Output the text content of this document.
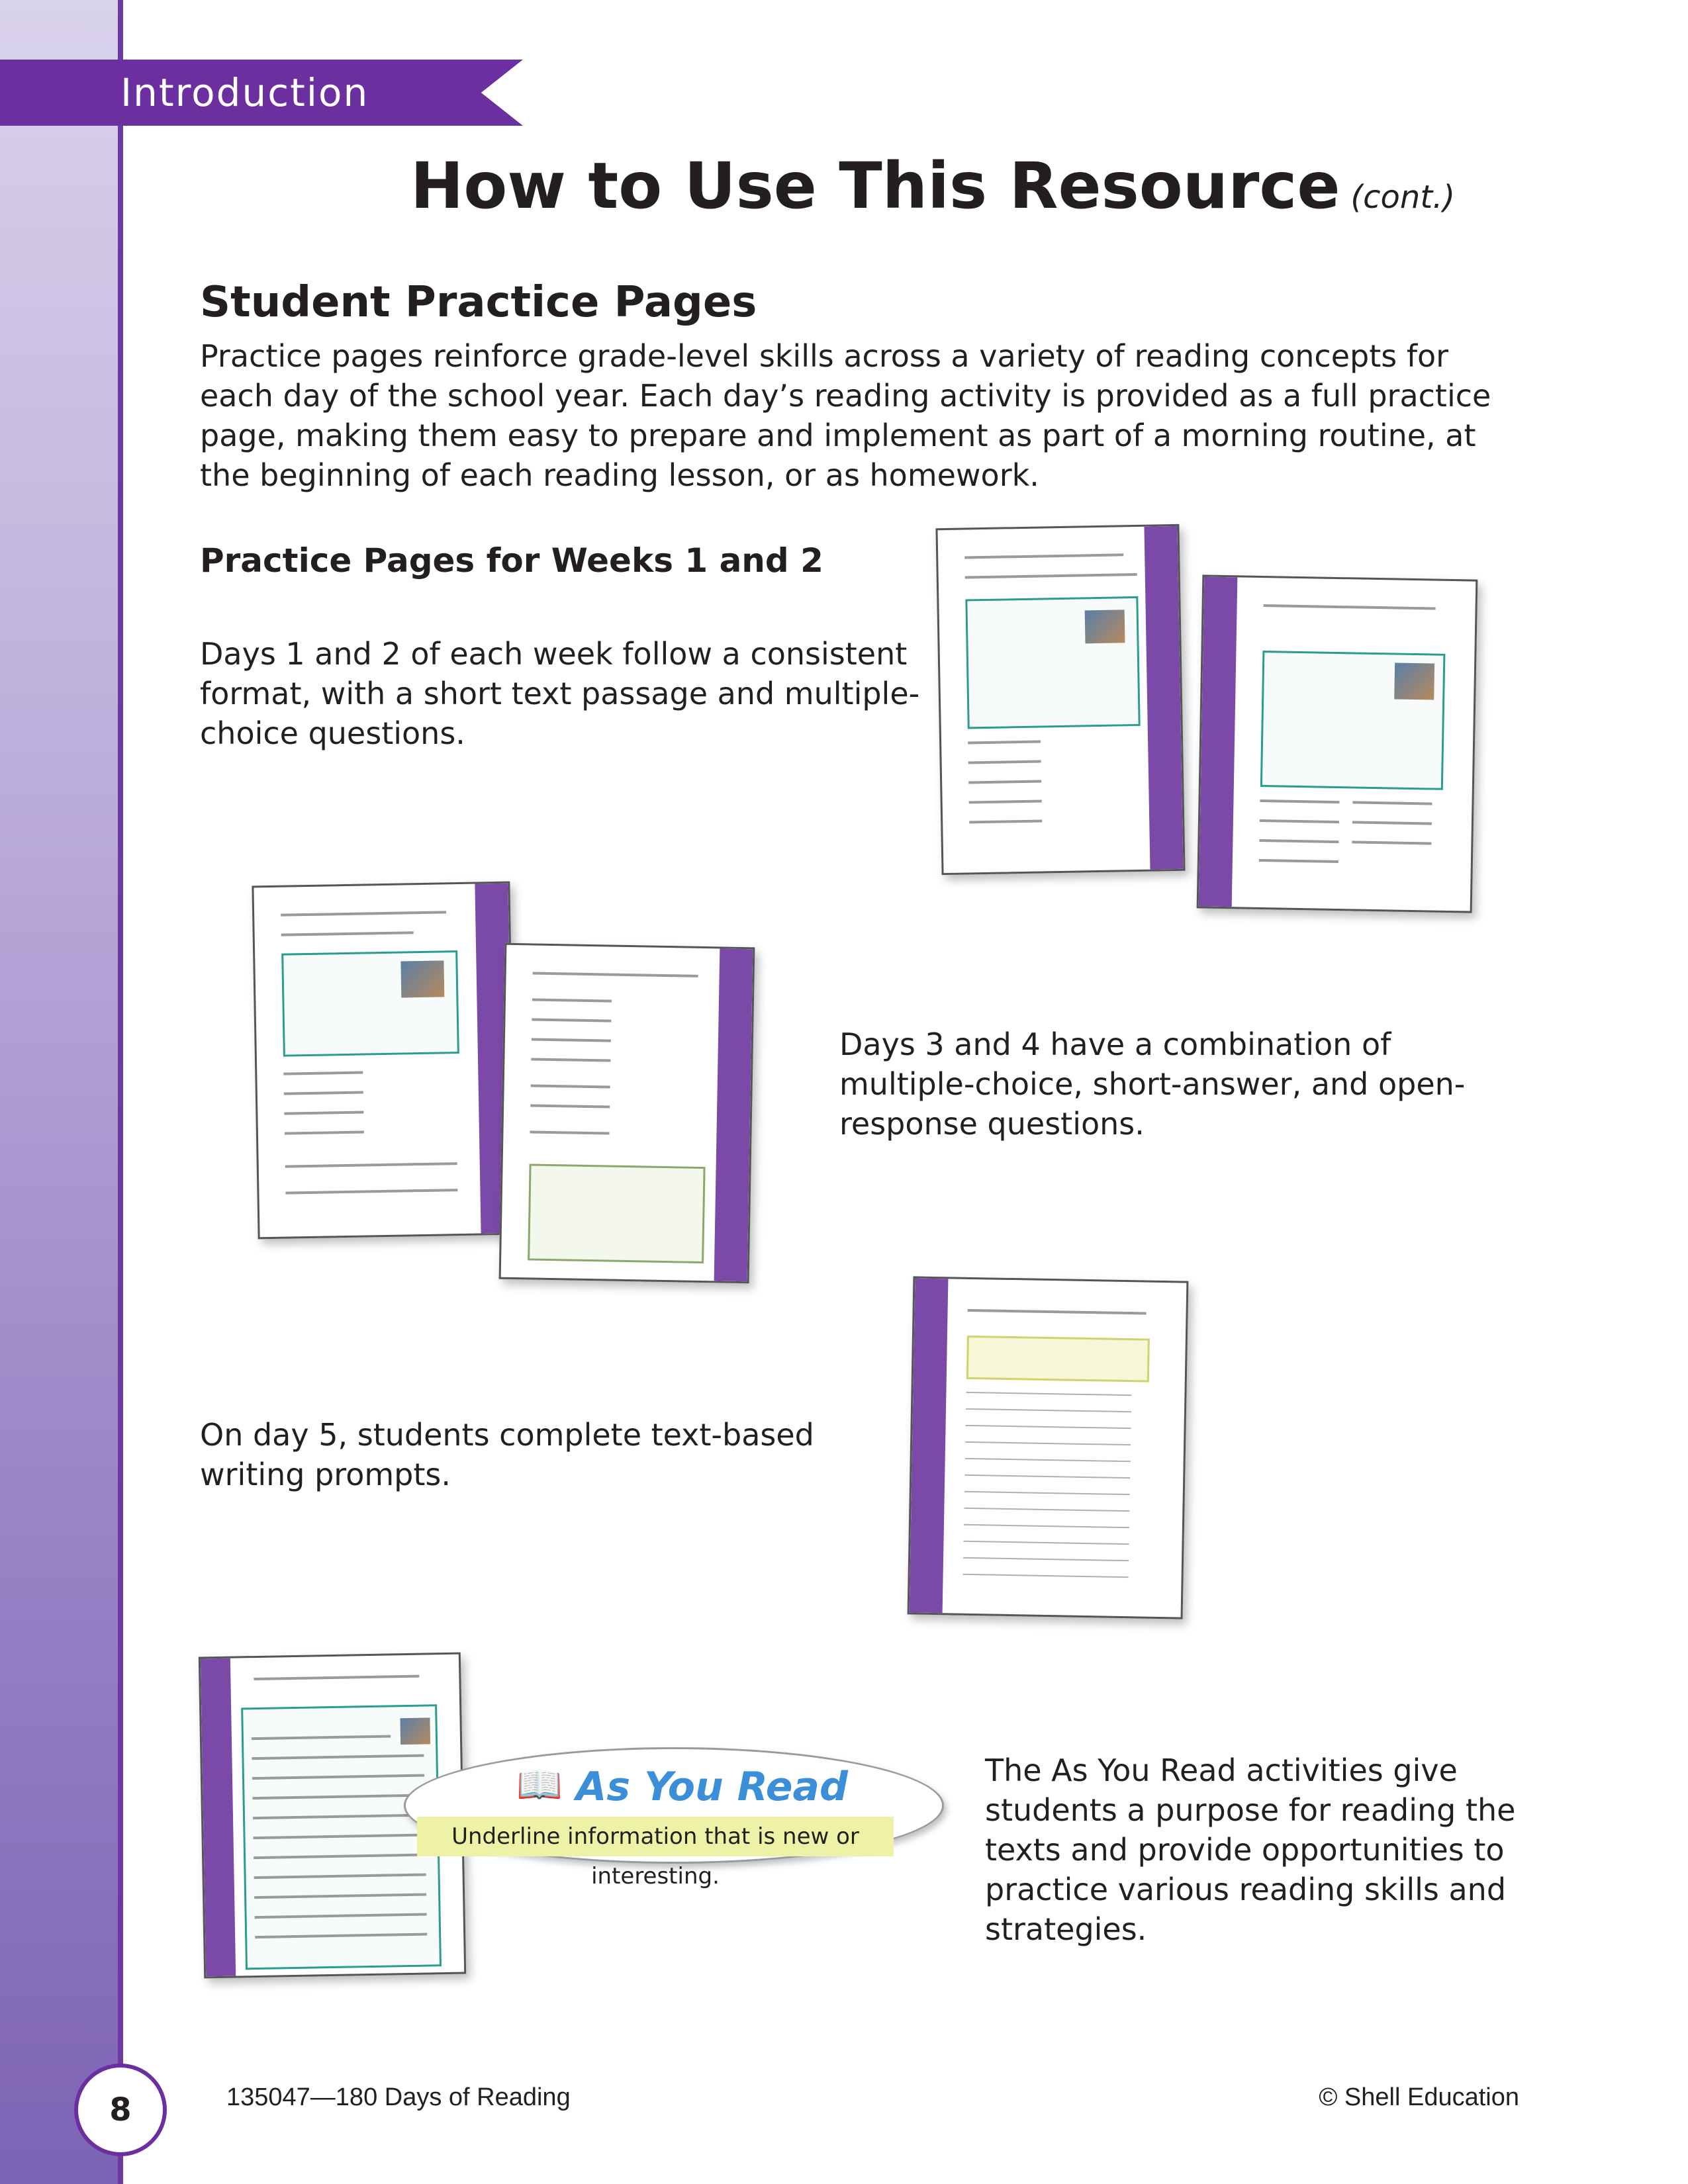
Introduction
How to Use This Resource (cont.)
Student Practice Pages
Practice pages reinforce grade-level skills across a variety of reading concepts for each day of the school year. Each day’s reading activity is provided as a full practice page, making them easy to prepare and implement as part of a morning routine, at the beginning of each reading lesson, or as homework.
Practice Pages for Weeks 1 and 2
Days 1 and 2 of each week follow a consistent format, with a short text passage and multiple-choice questions.
Days 3 and 4 have a combination of multiple-choice, short-answer, and open-response questions.
On day 5, students complete text-based writing prompts.
📖 As You Read
Underline information that is new or interesting.
The As You Read activities give students a purpose for reading the texts and provide opportunities to practice various reading skills and strategies.
8	135047—180 Days of Reading	© Shell Education
